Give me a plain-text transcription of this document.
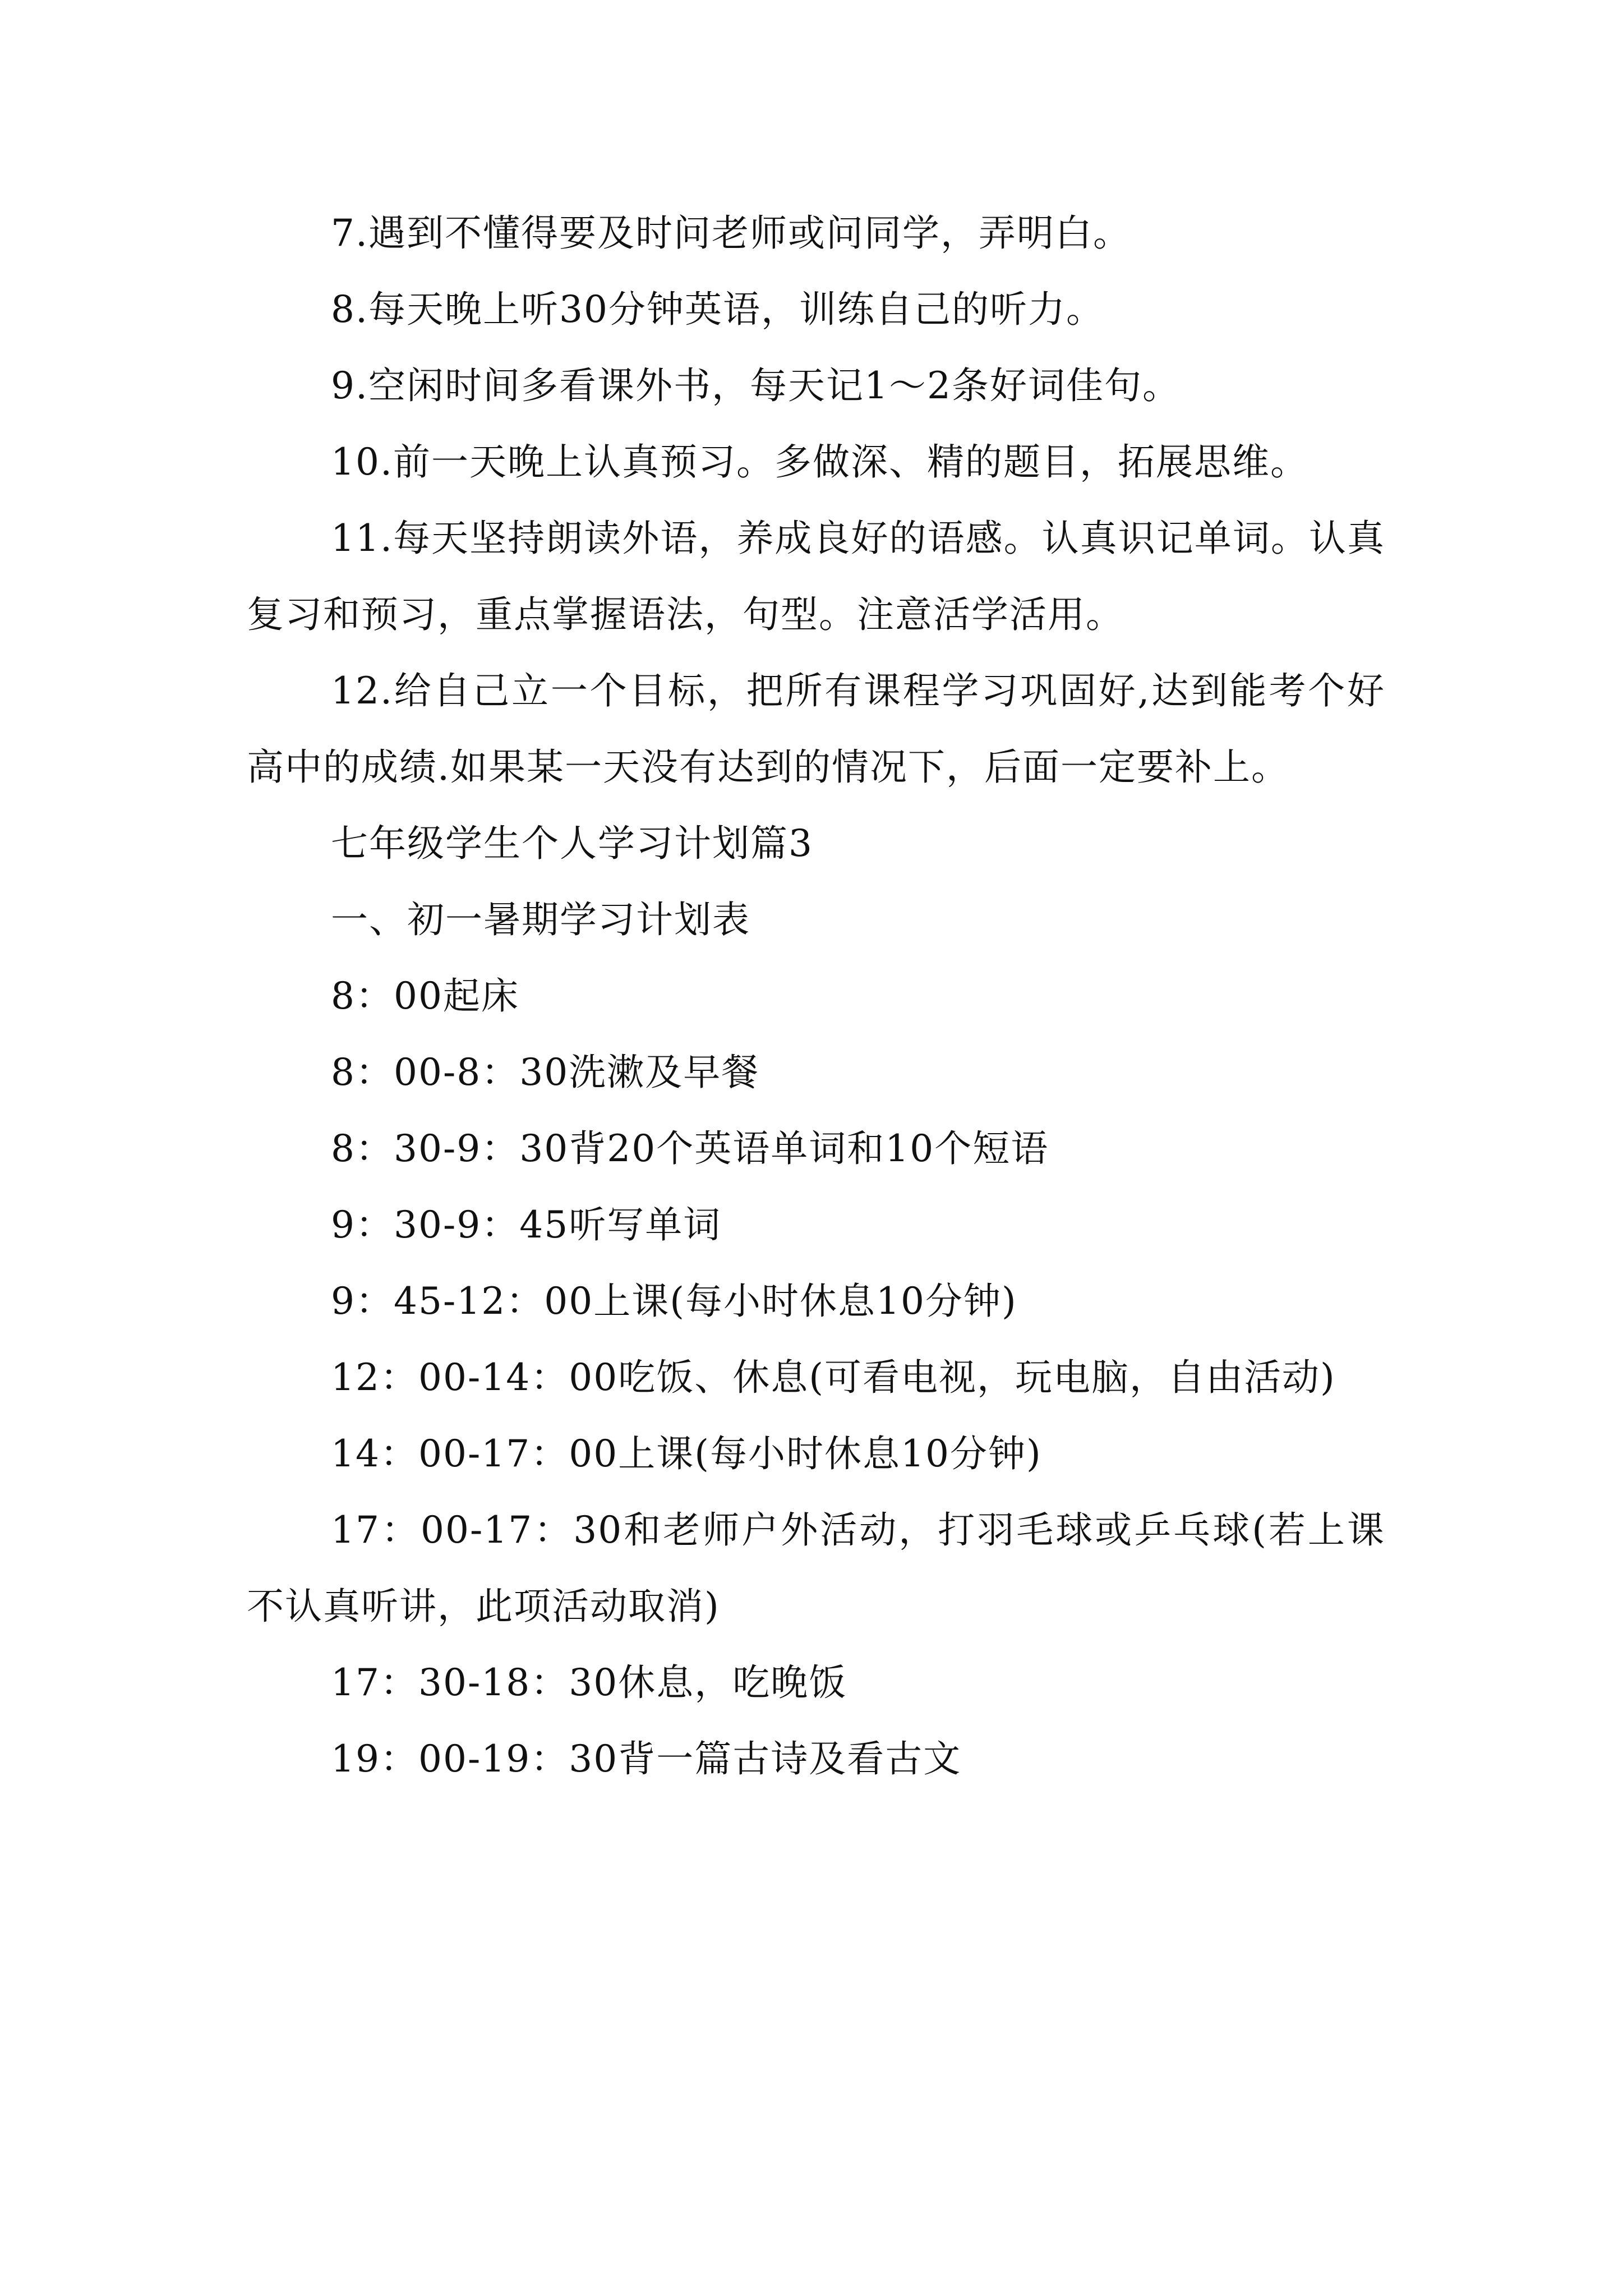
7.遇到不懂得要及时问老师或问同学，弄明白。

8.每天晚上听30分钟英语，训练自己的听力。

9.空闲时间多看课外书，每天记1～2条好词佳句。

10.前一天晚上认真预习。多做深、精的题目，拓展思维。

11.每天坚持朗读外语，养成良好的语感。认真识记单词。认真复习和预习，重点掌握语法，句型。注意活学活用。

12.给自己立一个目标，把所有课程学习巩固好,达到能考个好高中的成绩.如果某一天没有达到的情况下，后面一定要补上。

七年级学生个人学习计划篇3

一、初一暑期学习计划表

8：00起床

8：00-8：30洗漱及早餐

8：30-9：30背20个英语单词和10个短语

9：30-9：45听写单词

9：45-12：00上课(每小时休息10分钟)

12：00-14：00吃饭、休息(可看电视，玩电脑，自由活动)

14：00-17：00上课(每小时休息10分钟)

17：00-17：30和老师户外活动，打羽毛球或乒乓球(若上课不认真听讲，此项活动取消)

17：30-18：30休息，吃晚饭

19：00-19：30背一篇古诗及看古文
